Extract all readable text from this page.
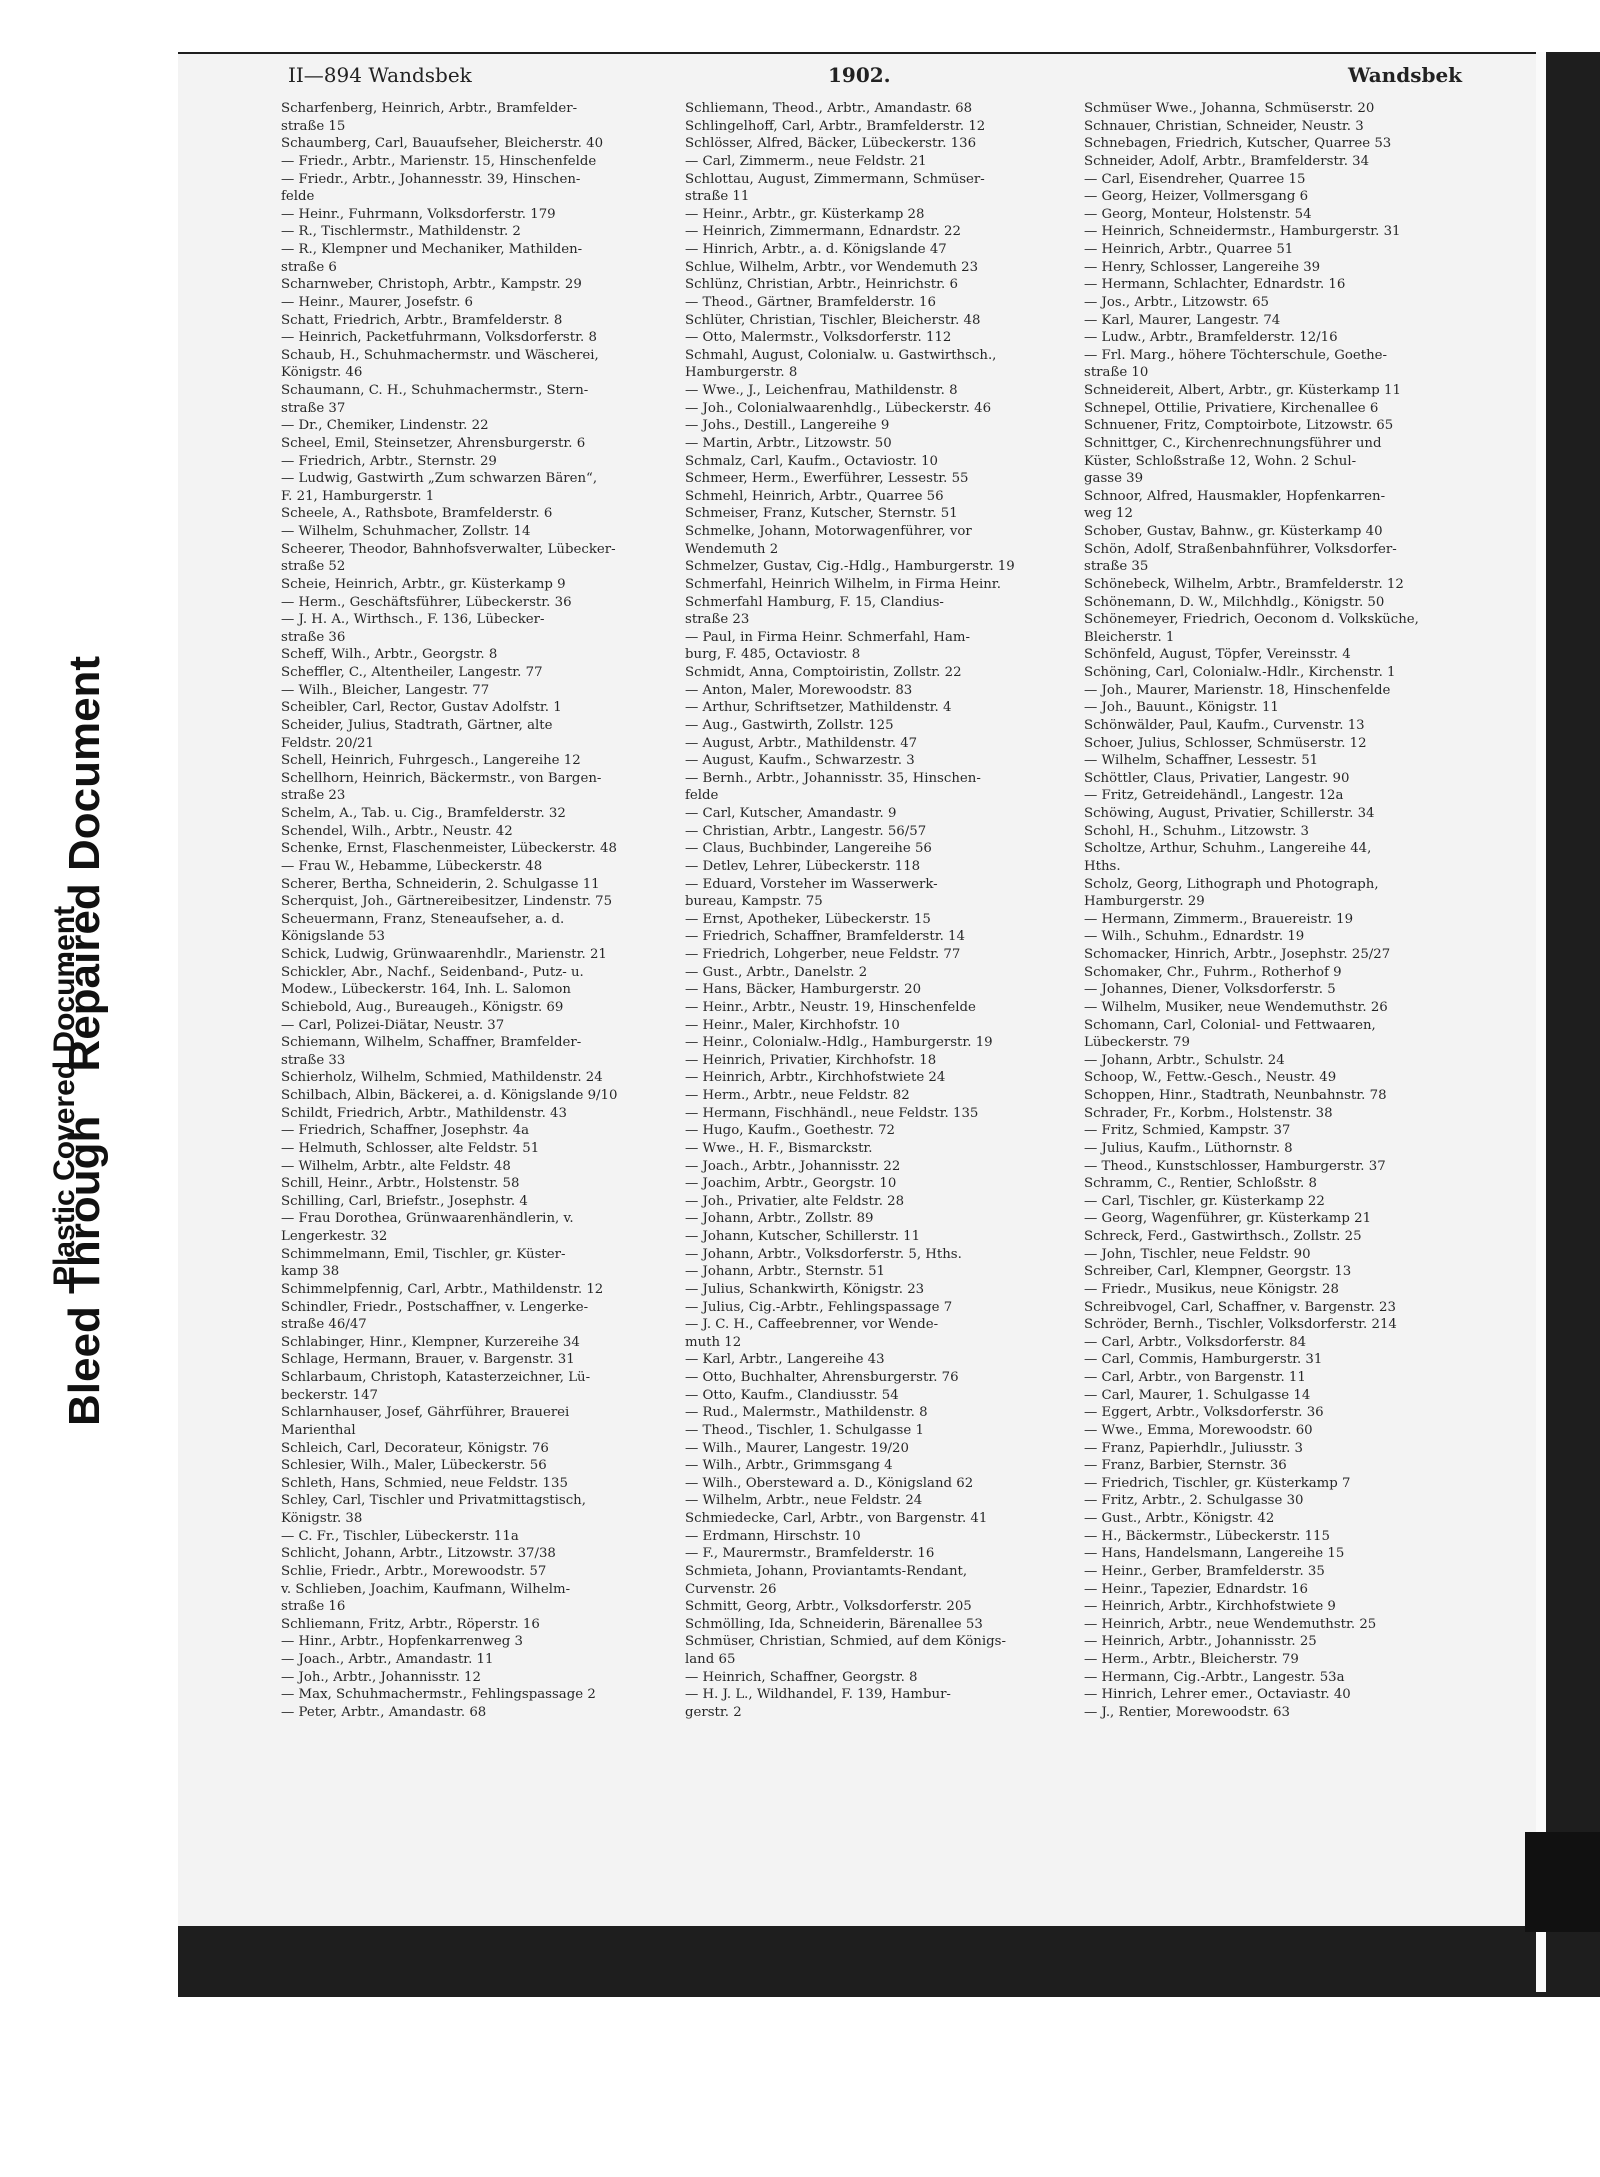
Bleed ThroughRepaired Document
Plastic Covered Document
II—894 Wandsbek	1902.	Wandsbek

Scharfenberg, Heinrich, Arbtr., Bramfelder-

straße 15

Schaumberg, Carl, Bauaufseher, Bleicherstr. 40

— Friedr., Arbtr., Marienstr. 15, Hinschenfelde

— Friedr., Arbtr., Johannesstr. 39, Hinschen-

felde

— Heinr., Fuhrmann, Volksdorferstr. 179

— R., Tischlermstr., Mathildenstr. 2

— R., Klempner und Mechaniker, Mathilden-

straße 6

Scharnweber, Christoph, Arbtr., Kampstr. 29

— Heinr., Maurer, Josefstr. 6

Schatt, Friedrich, Arbtr., Bramfelderstr. 8

— Heinrich, Packetfuhrmann, Volksdorferstr. 8

Schaub, H., Schuhmachermstr. und Wäscherei,

Königstr. 46

Schaumann, C. H., Schuhmachermstr., Stern-

straße 37

— Dr., Chemiker, Lindenstr. 22

Scheel, Emil, Steinsetzer, Ahrensburgerstr. 6

— Friedrich, Arbtr., Sternstr. 29

— Ludwig, Gastwirth „Zum schwarzen Bären“,

F. 21, Hamburgerstr. 1

Scheele, A., Rathsbote, Bramfelderstr. 6

— Wilhelm, Schuhmacher, Zollstr. 14

Scheerer, Theodor, Bahnhofsverwalter, Lübecker-

straße 52

Scheie, Heinrich, Arbtr., gr. Küsterkamp 9

— Herm., Geschäftsführer, Lübeckerstr. 36

— J. H. A., Wirthsch., F. 136, Lübecker-

straße 36

Scheff, Wilh., Arbtr., Georgstr. 8

Scheffler, C., Altentheiler, Langestr. 77

— Wilh., Bleicher, Langestr. 77

Scheibler, Carl, Rector, Gustav Adolfstr. 1

Scheider, Julius, Stadtrath, Gärtner, alte

Feldstr. 20/21

Schell, Heinrich, Fuhrgesch., Langereihe 12

Schellhorn, Heinrich, Bäckermstr., von Bargen-

straße 23

Schelm, A., Tab. u. Cig., Bramfelderstr. 32

Schendel, Wilh., Arbtr., Neustr. 42

Schenke, Ernst, Flaschenmeister, Lübeckerstr. 48

— Frau W., Hebamme, Lübeckerstr. 48

Scherer, Bertha, Schneiderin, 2. Schulgasse 11

Scherquist, Joh., Gärtnereibesitzer, Lindenstr. 75

Scheuermann, Franz, Steneaufseher, a. d.

Königslande 53

Schick, Ludwig, Grünwaarenhdlr., Marienstr. 21

Schickler, Abr., Nachf., Seidenband-, Putz- u.

Modew., Lübeckerstr. 164, Inh. L. Salomon

Schiebold, Aug., Bureaugeh., Königstr. 69

— Carl, Polizei-Diätar, Neustr. 37

Schiemann, Wilhelm, Schaffner, Bramfelder-

straße 33

Schierholz, Wilhelm, Schmied, Mathildenstr. 24

Schilbach, Albin, Bäckerei, a. d. Königslande 9/10

Schildt, Friedrich, Arbtr., Mathildenstr. 43

— Friedrich, Schaffner, Josephstr. 4a

— Helmuth, Schlosser, alte Feldstr. 51

— Wilhelm, Arbtr., alte Feldstr. 48

Schill, Heinr., Arbtr., Holstenstr. 58

Schilling, Carl, Briefstr., Josephstr. 4

— Frau Dorothea, Grünwaarenhändlerin, v.

Lengerkestr. 32

Schimmelmann, Emil, Tischler, gr. Küster-

kamp 38

Schimmelpfennig, Carl, Arbtr., Mathildenstr. 12

Schindler, Friedr., Postschaffner, v. Lengerke-

straße 46/47

Schlabinger, Hinr., Klempner, Kurzereihe 34

Schlage, Hermann, Brauer, v. Bargenstr. 31

Schlarbaum, Christoph, Katasterzeichner, Lü-

beckerstr. 147

Schlarnhauser, Josef, Gährführer, Brauerei

Marienthal

Schleich, Carl, Decorateur, Königstr. 76

Schlesier, Wilh., Maler, Lübeckerstr. 56

Schleth, Hans, Schmied, neue Feldstr. 135

Schley, Carl, Tischler und Privatmittagstisch,

Königstr. 38

— C. Fr., Tischler, Lübeckerstr. 11a

Schlicht, Johann, Arbtr., Litzowstr. 37/38

Schlie, Friedr., Arbtr., Morewoodstr. 57

v. Schlieben, Joachim, Kaufmann, Wilhelm-

straße 16

Schliemann, Fritz, Arbtr., Röperstr. 16

— Hinr., Arbtr., Hopfenkarrenweg 3

— Joach., Arbtr., Amandastr. 11

— Joh., Arbtr., Johannisstr. 12

— Max, Schuhmachermstr., Fehlingspassage 2

— Peter, Arbtr., Amandastr. 68

Schliemann, Theod., Arbtr., Amandastr. 68

Schlingelhoff, Carl, Arbtr., Bramfelderstr. 12

Schlösser, Alfred, Bäcker, Lübeckerstr. 136

— Carl, Zimmerm., neue Feldstr. 21

Schlottau, August, Zimmermann, Schmüser-

straße 11

— Heinr., Arbtr., gr. Küsterkamp 28

— Heinrich, Zimmermann, Ednardstr. 22

— Hinrich, Arbtr., a. d. Königslande 47

Schlue, Wilhelm, Arbtr., vor Wendemuth 23

Schlünz, Christian, Arbtr., Heinrichstr. 6

— Theod., Gärtner, Bramfelderstr. 16

Schlüter, Christian, Tischler, Bleicherstr. 48

— Otto, Malermstr., Volksdorferstr. 112

Schmahl, August, Colonialw. u. Gastwirthsch.,

Hamburgerstr. 8

— Wwe., J., Leichenfrau, Mathildenstr. 8

— Joh., Colonialwaarenhdlg., Lübeckerstr. 46

— Johs., Destill., Langereihe 9

— Martin, Arbtr., Litzowstr. 50

Schmalz, Carl, Kaufm., Octaviostr. 10

Schmeer, Herm., Ewerführer, Lessestr. 55

Schmehl, Heinrich, Arbtr., Quarree 56

Schmeiser, Franz, Kutscher, Sternstr. 51

Schmelke, Johann, Motorwagenführer, vor

Wendemuth 2

Schmelzer, Gustav, Cig.-Hdlg., Hamburgerstr. 19

Schmerfahl, Heinrich Wilhelm, in Firma Heinr.

Schmerfahl Hamburg, F. 15, Clandius-

straße 23

— Paul, in Firma Heinr. Schmerfahl, Ham-

burg, F. 485, Octaviostr. 8

Schmidt, Anna, Comptoiristin, Zollstr. 22

— Anton, Maler, Morewoodstr. 83

— Arthur, Schriftsetzer, Mathildenstr. 4

— Aug., Gastwirth, Zollstr. 125

— August, Arbtr., Mathildenstr. 47

— August, Kaufm., Schwarzestr. 3

— Bernh., Arbtr., Johannisstr. 35, Hinschen-

felde

— Carl, Kutscher, Amandastr. 9

— Christian, Arbtr., Langestr. 56/57

— Claus, Buchbinder, Langereihe 56

— Detlev, Lehrer, Lübeckerstr. 118

— Eduard, Vorsteher im Wasserwerk-

bureau, Kampstr. 75

— Ernst, Apotheker, Lübeckerstr. 15

— Friedrich, Schaffner, Bramfelderstr. 14

— Friedrich, Lohgerber, neue Feldstr. 77

— Gust., Arbtr., Danelstr. 2

— Hans, Bäcker, Hamburgerstr. 20

— Heinr., Arbtr., Neustr. 19, Hinschenfelde

— Heinr., Maler, Kirchhofstr. 10

— Heinr., Colonialw.-Hdlg., Hamburgerstr. 19

— Heinrich, Privatier, Kirchhofstr. 18

— Heinrich, Arbtr., Kirchhofstwiete 24

— Herm., Arbtr., neue Feldstr. 82

— Hermann, Fischhändl., neue Feldstr. 135

— Hugo, Kaufm., Goethestr. 72

— Wwe., H. F., Bismarckstr.

— Joach., Arbtr., Johannisstr. 22

— Joachim, Arbtr., Georgstr. 10

— Joh., Privatier, alte Feldstr. 28

— Johann, Arbtr., Zollstr. 89

— Johann, Kutscher, Schillerstr. 11

— Johann, Arbtr., Volksdorferstr. 5, Hths.

— Johann, Arbtr., Sternstr. 51

— Julius, Schankwirth, Königstr. 23

— Julius, Cig.-Arbtr., Fehlingspassage 7

— J. C. H., Caffeebrenner, vor Wende-

muth 12

— Karl, Arbtr., Langereihe 43

— Otto, Buchhalter, Ahrensburgerstr. 76

— Otto, Kaufm., Clandiusstr. 54

— Rud., Malermstr., Mathildenstr. 8

— Theod., Tischler, 1. Schulgasse 1

— Wilh., Maurer, Langestr. 19/20

— Wilh., Arbtr., Grimmsgang 4

— Wilh., Obersteward a. D., Königsland 62

— Wilhelm, Arbtr., neue Feldstr. 24

Schmiedecke, Carl, Arbtr., von Bargenstr. 41

— Erdmann, Hirschstr. 10

— F., Maurermstr., Bramfelderstr. 16

Schmieta, Johann, Proviantamts-Rendant,

Curvenstr. 26

Schmitt, Georg, Arbtr., Volksdorferstr. 205

Schmölling, Ida, Schneiderin, Bärenallee 53

Schmüser, Christian, Schmied, auf dem Königs-

land 65

— Heinrich, Schaffner, Georgstr. 8

— H. J. L., Wildhandel, F. 139, Hambur-

gerstr. 2

Schmüser Wwe., Johanna, Schmüserstr. 20

Schnauer, Christian, Schneider, Neustr. 3

Schnebagen, Friedrich, Kutscher, Quarree 53

Schneider, Adolf, Arbtr., Bramfelderstr. 34

— Carl, Eisendreher, Quarree 15

— Georg, Heizer, Vollmersgang 6

— Georg, Monteur, Holstenstr. 54

— Heinrich, Schneidermstr., Hamburgerstr. 31

— Heinrich, Arbtr., Quarree 51

— Henry, Schlosser, Langereihe 39

— Hermann, Schlachter, Ednardstr. 16

— Jos., Arbtr., Litzowstr. 65

— Karl, Maurer, Langestr. 74

— Ludw., Arbtr., Bramfelderstr. 12/16

— Frl. Marg., höhere Töchterschule, Goethe-

straße 10

Schneidereit, Albert, Arbtr., gr. Küsterkamp 11

Schnepel, Ottilie, Privatiere, Kirchenallee 6

Schnuener, Fritz, Comptoirbote, Litzowstr. 65

Schnittger, C., Kirchenrechnungsführer und

Küster, Schloßstraße 12, Wohn. 2 Schul-

gasse 39

Schnoor, Alfred, Hausmakler, Hopfenkarren-

weg 12

Schober, Gustav, Bahnw., gr. Küsterkamp 40

Schön, Adolf, Straßenbahnführer, Volksdorfer-

straße 35

Schönebeck, Wilhelm, Arbtr., Bramfelderstr. 12

Schönemann, D. W., Milchhdlg., Königstr. 50

Schönemeyer, Friedrich, Oeconom d. Volksküche,

Bleicherstr. 1

Schönfeld, August, Töpfer, Vereinsstr. 4

Schöning, Carl, Colonialw.-Hdlr., Kirchenstr. 1

— Joh., Maurer, Marienstr. 18, Hinschenfelde

— Joh., Bauunt., Königstr. 11

Schönwälder, Paul, Kaufm., Curvenstr. 13

Schoer, Julius, Schlosser, Schmüserstr. 12

— Wilhelm, Schaffner, Lessestr. 51

Schöttler, Claus, Privatier, Langestr. 90

— Fritz, Getreidehändl., Langestr. 12a

Schöwing, August, Privatier, Schillerstr. 34

Schohl, H., Schuhm., Litzowstr. 3

Scholtze, Arthur, Schuhm., Langereihe 44,

Hths.

Scholz, Georg, Lithograph und Photograph,

Hamburgerstr. 29

— Hermann, Zimmerm., Brauereistr. 19

— Wilh., Schuhm., Ednardstr. 19

Schomacker, Hinrich, Arbtr., Josephstr. 25/27

Schomaker, Chr., Fuhrm., Rotherhof 9

— Johannes, Diener, Volksdorferstr. 5

— Wilhelm, Musiker, neue Wendemuthstr. 26

Schomann, Carl, Colonial- und Fettwaaren,

Lübeckerstr. 79

— Johann, Arbtr., Schulstr. 24

Schoop, W., Fettw.-Gesch., Neustr. 49

Schoppen, Hinr., Stadtrath, Neunbahnstr. 78

Schrader, Fr., Korbm., Holstenstr. 38

— Fritz, Schmied, Kampstr. 37

— Julius, Kaufm., Lüthornstr. 8

— Theod., Kunstschlosser, Hamburgerstr. 37

Schramm, C., Rentier, Schloßstr. 8

— Carl, Tischler, gr. Küsterkamp 22

— Georg, Wagenführer, gr. Küsterkamp 21

Schreck, Ferd., Gastwirthsch., Zollstr. 25

— John, Tischler, neue Feldstr. 90

Schreiber, Carl, Klempner, Georgstr. 13

— Friedr., Musikus, neue Königstr. 28

Schreibvogel, Carl, Schaffner, v. Bargenstr. 23

Schröder, Bernh., Tischler, Volksdorferstr. 214

— Carl, Arbtr., Volksdorferstr. 84

— Carl, Commis, Hamburgerstr. 31

— Carl, Arbtr., von Bargenstr. 11

— Carl, Maurer, 1. Schulgasse 14

— Eggert, Arbtr., Volksdorferstr. 36

— Wwe., Emma, Morewoodstr. 60

— Franz, Papierhdlr., Juliusstr. 3

— Franz, Barbier, Sternstr. 36

— Friedrich, Tischler, gr. Küsterkamp 7

— Fritz, Arbtr., 2. Schulgasse 30

— Gust., Arbtr., Königstr. 42

— H., Bäckermstr., Lübeckerstr. 115

— Hans, Handelsmann, Langereihe 15

— Heinr., Gerber, Bramfelderstr. 35

— Heinr., Tapezier, Ednardstr. 16

— Heinrich, Arbtr., Kirchhofstwiete 9

— Heinrich, Arbtr., neue Wendemuthstr. 25

— Heinrich, Arbtr., Johannisstr. 25

— Herm., Arbtr., Bleicherstr. 79

— Hermann, Cig.-Arbtr., Langestr. 53a

— Hinrich, Lehrer emer., Octaviastr. 40

— J., Rentier, Morewoodstr. 63
